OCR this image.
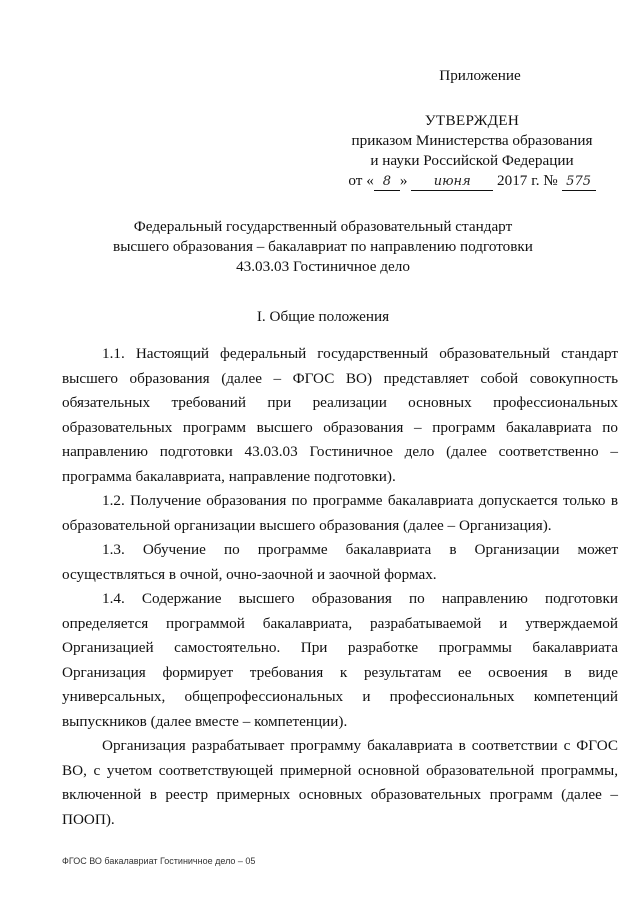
Приложение
УТВЕРЖДЕН
приказом Министерства образования
и науки Российской Федерации
от « 8 » июня 2017 г. № 575
Федеральный государственный образовательный стандарт
высшего образования – бакалавриат по направлению подготовки
43.03.03 Гостиничное дело
I. Общие положения

1.1. Настоящий федеральный государственный образовательный стандарт высшего образования (далее – ФГОС ВО) представляет собой совокупность обязательных требований при реализации основных профессиональных образовательных программ высшего образования – программ бакалавриата по направлению подготовки 43.03.03 Гостиничное дело (далее соответственно – программа бакалавриата, направление подготовки).

1.2. Получение образования по программе бакалавриата допускается только в образовательной организации высшего образования (далее – Организация).

1.3. Обучение по программе бакалавриата в Организации может осуществляться в очной, очно-заочной и заочной формах.

1.4. Содержание высшего образования по направлению подготовки определяется программой бакалавриата, разрабатываемой и утверждаемой Организацией самостоятельно. При разработке программы бакалавриата Организация формирует требования к результатам ее освоения в виде универсальных, общепрофессиональных и профессиональных компетенций выпускников (далее вместе – компетенции).

Организация разрабатывает программу бакалавриата в соответствии с ФГОС ВО, с учетом соответствующей примерной основной образовательной программы, включенной в реестр примерных основных образовательных программ (далее – ПООП).

ФГОС ВО бакалавриат Гостиничное дело – 05
